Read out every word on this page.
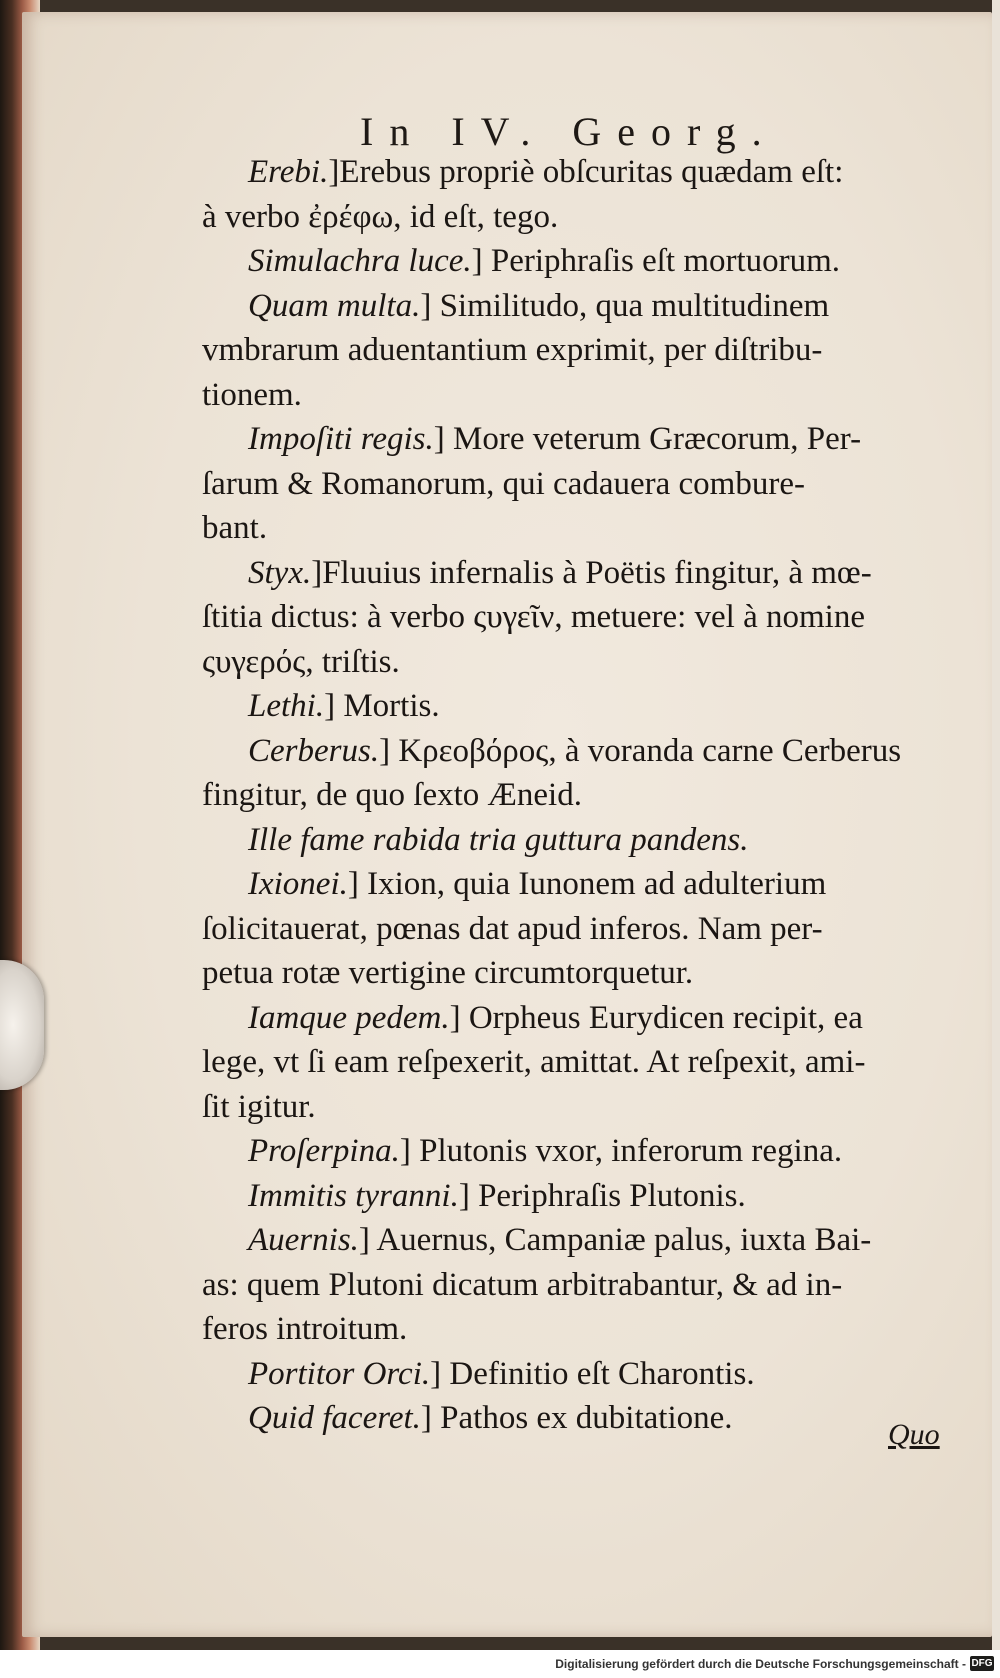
In IV. Georg.

Erebi.]Erebus propriè obſcuritas quædam eſt:
à verbo ἐρέφω, id eſt, tego.

Simulachra luce.] Periphraſis eſt mortuorum.

Quam multa.] Similitudo, qua multitudinem
vmbrarum aduentantium exprimit, per diſtribu-
tionem.

Impoſiti regis.] More veterum Græcorum, Per-
ſarum & Romanorum, qui cadauera combure-
bant.

Styx.]Fluuius infernalis à Poëtis fingitur, à mœ-
ſtitia dictus: à verbo ςυγεῖν, metuere: vel à nomine
ςυγερός, triſtis.

Lethi.] Mortis.

Cerberus.] Κρεοβόρος, à voranda carne Cerberus
fingitur, de quo ſexto Æneid.

Ille fame rabida tria guttura pandens.

Ixionei.] Ixion, quia Iunonem ad adulterium
ſolicitauerat, pœnas dat apud inferos. Nam per-
petua rotæ vertigine circumtorquetur.

Iamque pedem.] Orpheus Eurydicen recipit, ea
lege, vt ſi eam reſpexerit, amittat. At reſpexit, ami-
ſit igitur.

Proſerpina.] Plutonis vxor, inferorum regina.

Immitis tyranni.] Periphraſis Plutonis.

Auernis.] Auernus, Campaniæ palus, iuxta Bai-
as: quem Plutoni dicatum arbitrabantur, & ad in-
feros introitum.

Portitor Orci.] Definitio eſt Charontis.

Quid faceret.] Pathos ex dubitatione.	Quo
Digitalisierung gefördert durch die Deutsche Forschungsgemeinschaft - DFG
